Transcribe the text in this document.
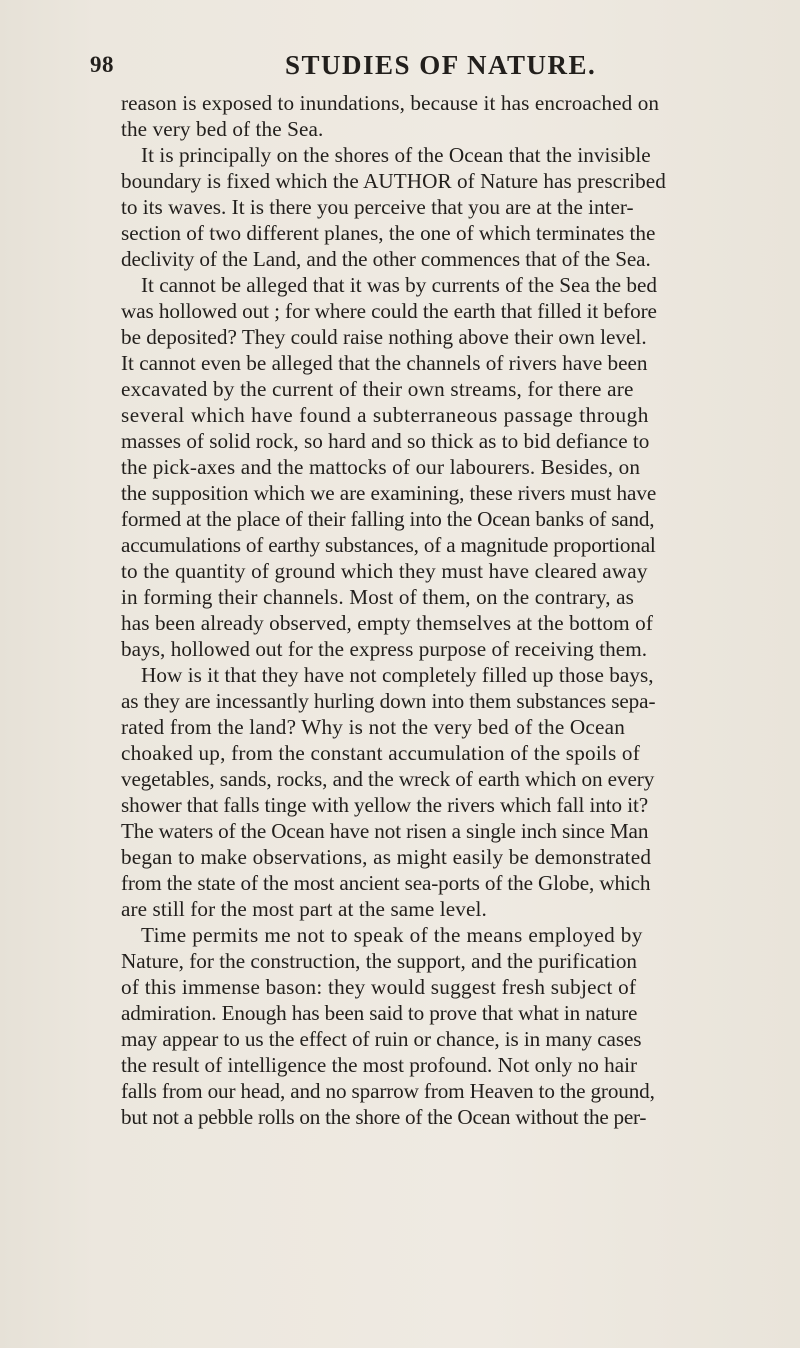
98	STUDIES OF NATURE.
reason is exposed to inundations, because it has encroached on
the very bed of the Sea.
It is principally on the shores of the Ocean that the invisible
boundary is fixed which the AUTHOR of Nature has prescribed
to its waves. It is there you perceive that you are at the inter-
section of two different planes, the one of which terminates the
declivity of the Land, and the other commences that of the Sea.
It cannot be alleged that it was by currents of the Sea the bed
was hollowed out ; for where could the earth that filled it before
be deposited? They could raise nothing above their own level.
It cannot even be alleged that the channels of rivers have been
excavated by the current of their own streams, for there are
several which have found a subterraneous passage through
masses of solid rock, so hard and so thick as to bid defiance to
the pick-axes and the mattocks of our labourers. Besides, on
the supposition which we are examining, these rivers must have
formed at the place of their falling into the Ocean banks of sand,
accumulations of earthy substances, of a magnitude proportional
to the quantity of ground which they must have cleared away
in forming their channels. Most of them, on the contrary, as
has been already observed, empty themselves at the bottom of
bays, hollowed out for the express purpose of receiving them.
How is it that they have not completely filled up those bays,
as they are incessantly hurling down into them substances sepa-
rated from the land? Why is not the very bed of the Ocean
choaked up, from the constant accumulation of the spoils of
vegetables, sands, rocks, and the wreck of earth which on every
shower that falls tinge with yellow the rivers which fall into it?
The waters of the Ocean have not risen a single inch since Man
began to make observations, as might easily be demonstrated
from the state of the most ancient sea-ports of the Globe, which
are still for the most part at the same level.
Time permits me not to speak of the means employed by
Nature, for the construction, the support, and the purification
of this immense bason: they would suggest fresh subject of
admiration. Enough has been said to prove that what in nature
may appear to us the effect of ruin or chance, is in many cases
the result of intelligence the most profound. Not only no hair
falls from our head, and no sparrow from Heaven to the ground,
but not a pebble rolls on the shore of the Ocean without the per-
